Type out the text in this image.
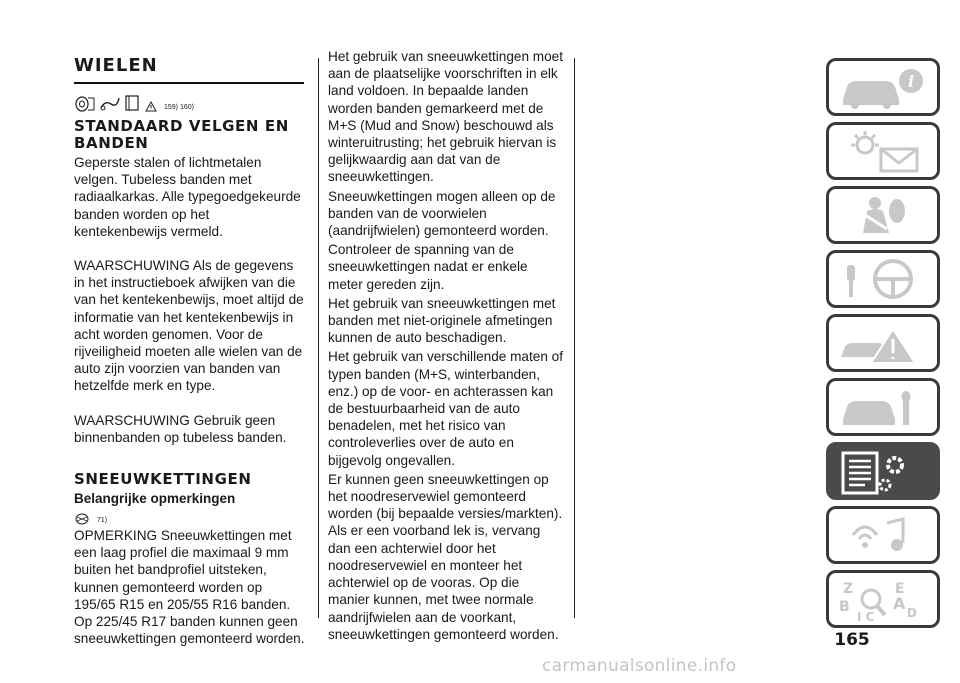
WIELEN
159) 160)
STANDAARD VELGEN EN BANDEN

Geperste stalen of lichtmetalen velgen. Tubeless banden met radiaalkarkas. Alle typegoedgekeurde banden worden op het kentekenbewijs vermeld.

WAARSCHUWING Als de gegevens in het instructieboek afwijken van die van het kentekenbewijs, moet altijd de informatie van het kentekenbewijs in acht worden genomen. Voor de rijveiligheid moeten alle wielen van de auto zijn voorzien van banden van hetzelfde merk en type.

WAARSCHUWING Gebruik geen binnenbanden op tubeless banden.

SNEEUWKETTINGEN
Belangrijke opmerkingen
71)

OPMERKING Sneeuwkettingen met een laag profiel die maximaal 9 mm buiten het bandprofiel uitsteken, kunnen gemonteerd worden op 195/65 R15 en 205/55 R16 banden. Op 225/45 R17 banden kunnen geen sneeuwkettingen gemonteerd worden.

Het gebruik van sneeuwkettingen moet aan de plaatselijke voorschriften in elk land voldoen. In bepaalde landen worden banden gemarkeerd met de M+S (Mud and Snow) beschouwd als winteruitrusting; het gebruik hiervan is gelijkwaardig aan dat van de sneeuwkettingen.

Sneeuwkettingen mogen alleen op de banden van de voorwielen (aandrijfwielen) gemonteerd worden.

Controleer de spanning van de sneeuwkettingen nadat er enkele meter gereden zijn.

Het gebruik van sneeuwkettingen met banden met niet-originele afmetingen kunnen de auto beschadigen.

Het gebruik van verschillende maten of typen banden (M+S, winterbanden, enz.) op de voor- en achterassen kan de bestuurbaarheid van de auto benadelen, met het risico van controleverlies over de auto en bijgevolg ongevallen.

Er kunnen geen sneeuwkettingen op het noodreservewiel gemonteerd worden (bij bepaalde versies/markten). Als er een voorband lek is, vervang dan een achterwiel door het noodreservewiel en monteer het achterwiel op de vooras. Op die manier kunnen, met twee normale aandrijfwielen aan de voorkant, sneeuwkettingen gemonteerd worden.

i
Z	E
B	A D
I C
165
carmanualsonline.info
